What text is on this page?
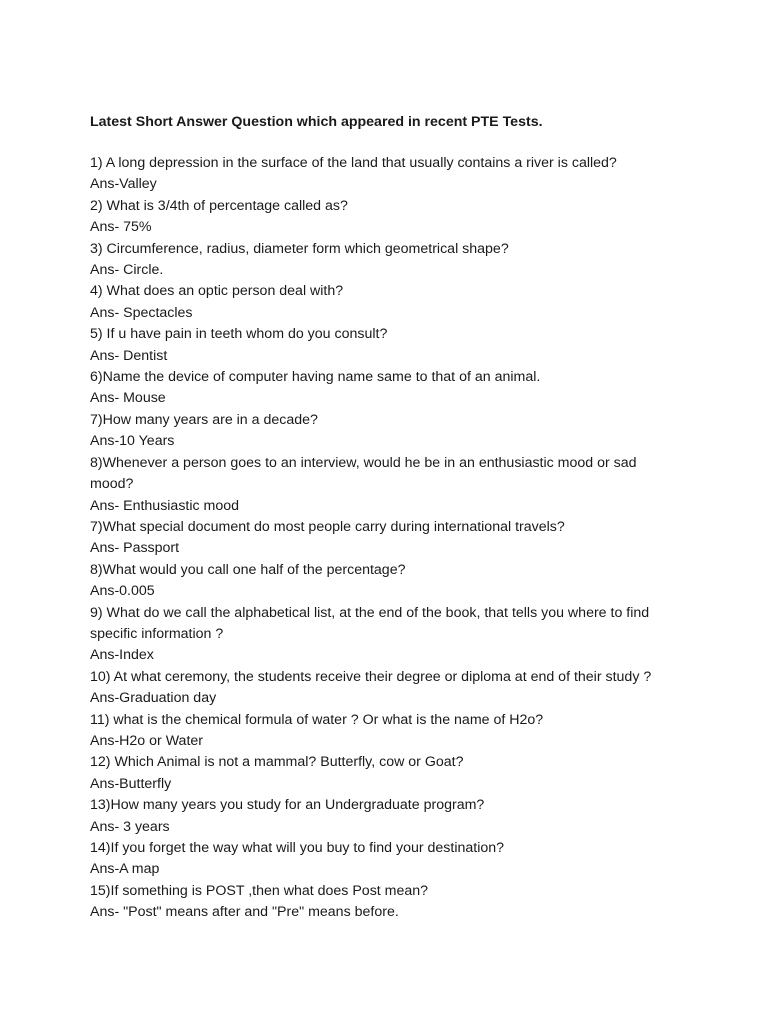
Latest Short Answer Question which appeared in recent PTE Tests.
1) A long depression in the surface of the land that usually contains a river is called?
Ans-Valley
2) What is 3/4th of percentage called as?
Ans- 75%
3) Circumference, radius, diameter form which geometrical shape?
Ans- Circle.
4) What does an optic person deal with?
Ans- Spectacles
5) If u have pain in teeth whom do you consult?
Ans- Dentist
6)Name the device of computer having name same to that of an animal.
Ans- Mouse
7)How many years are in a decade?
Ans-10 Years
8)Whenever a person goes to an interview, would he be in an enthusiastic mood or sad mood?
Ans- Enthusiastic mood
7)What special document do most people carry during international travels?
Ans- Passport
8)What would you call one half of the percentage?
Ans-0.005
9) What do we call the alphabetical list, at the end of the book, that tells you where to find specific information ?
Ans-Index
10) At what ceremony, the students receive their degree or diploma at end of their study ?
Ans-Graduation day
11) what is the chemical formula of water ? Or what is the name of H2o?
Ans-H2o or Water
12) Which Animal is not a mammal? Butterfly, cow or Goat?
Ans-Butterfly
13)How many years you study for an Undergraduate program?
Ans- 3 years
14)If you forget the way what will you buy to find your destination?
Ans-A map
15)If something is POST ,then what does Post mean?
Ans- "Post" means after and "Pre" means before.
